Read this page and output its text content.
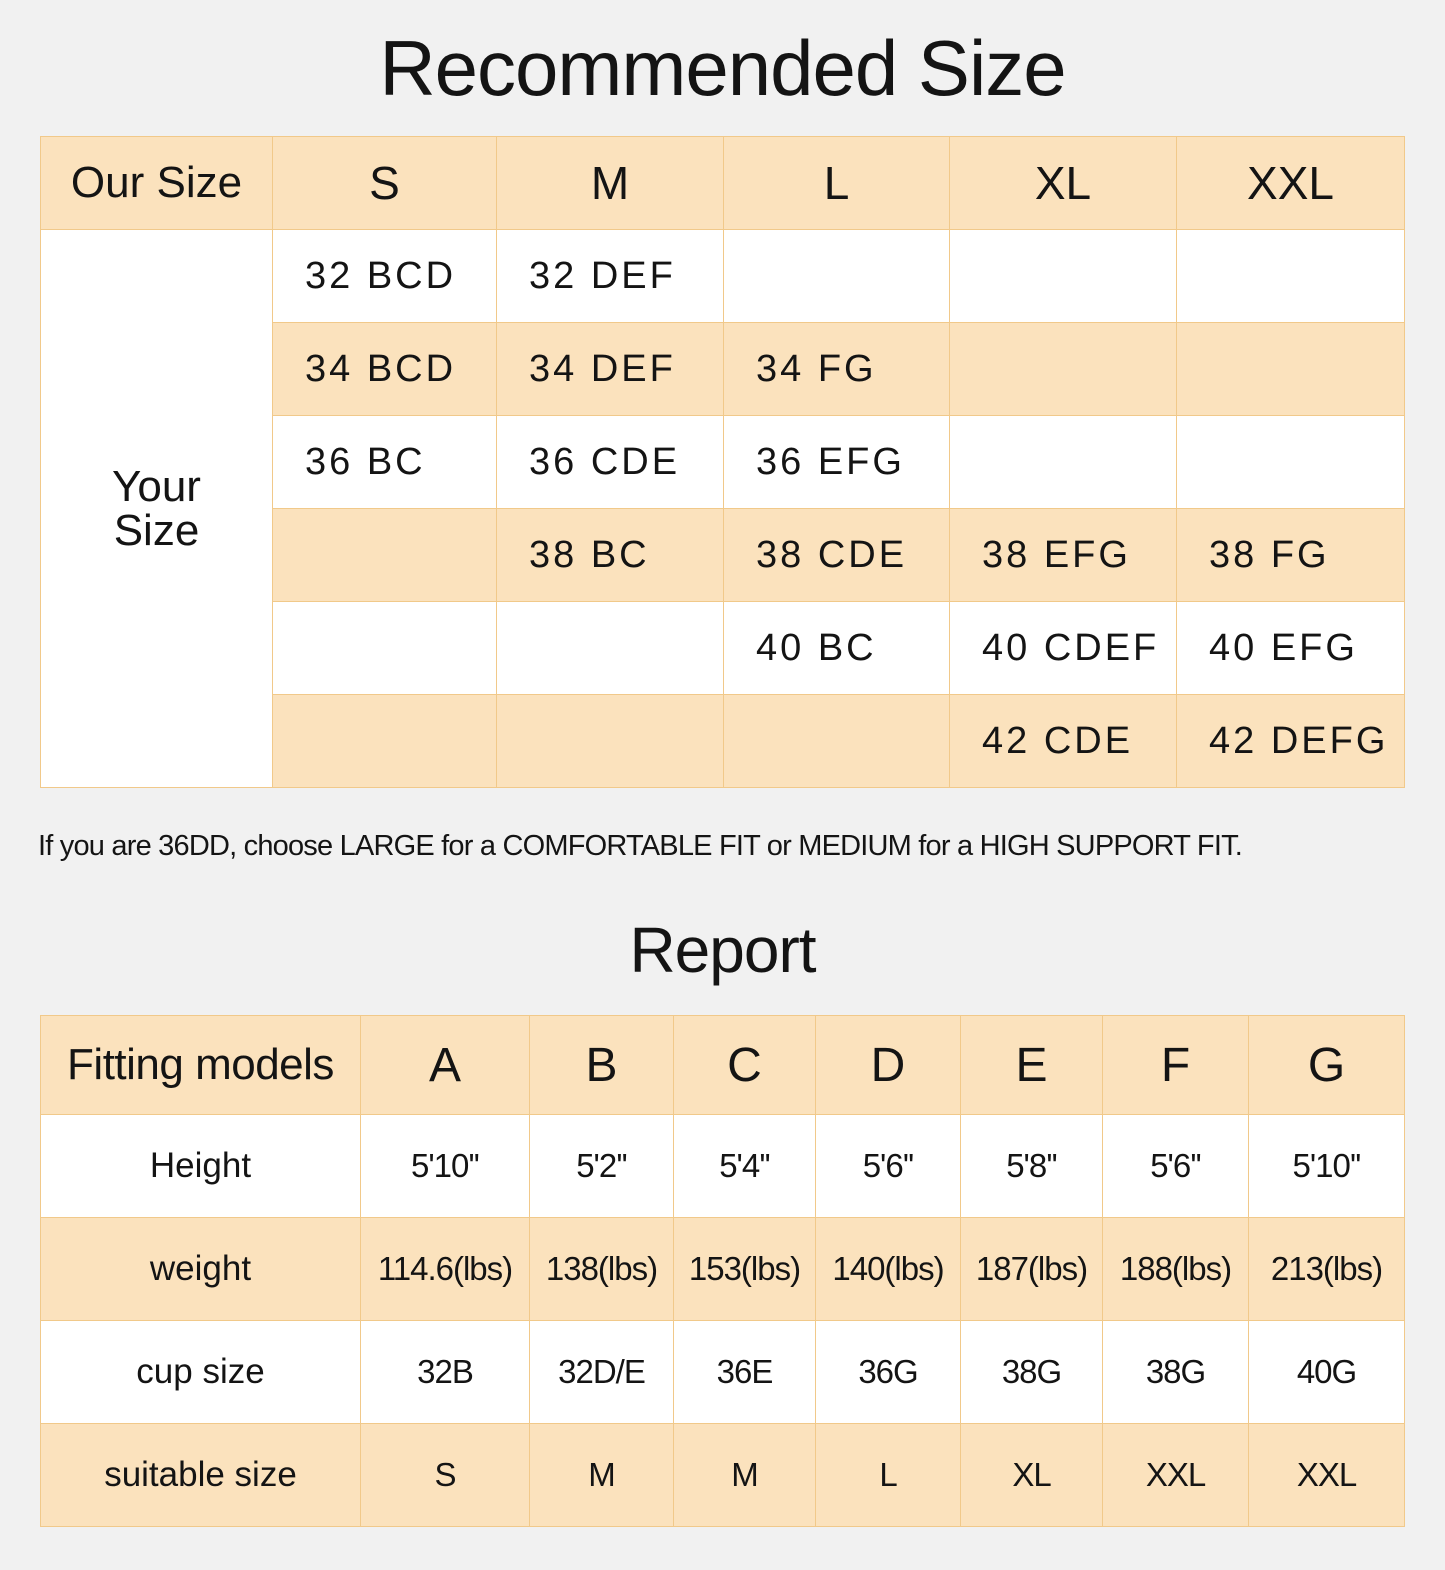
Recommended Size
Our Size	S	M	L	XL	XXL
Your Size	32 BCD	32 DEF			
	34 BCD	34 DEF	34 FG		
	36 BC	36 CDE	36 EFG		
		38 BC	38 CDE	38 EFG	38 FG
			40 BC	40 CDEF	40 EFG
				42 CDE	42 DEFG
If you are 36DD, choose LARGE for a COMFORTABLE FIT or MEDIUM for a HIGH SUPPORT FIT.
Report
Fitting models	A	B	C	D	E	F	G
Height	5'10''	5'2''	5'4''	5'6''	5'8''	5'6''	5'10''
weight	114.6(lbs)	138(lbs)	153(lbs)	140(lbs)	187(lbs)	188(lbs)	213(lbs)
cup size	32B	32D/E	36E	36G	38G	38G	40G
suitable size	S	M	M	L	XL	XXL	XXL
